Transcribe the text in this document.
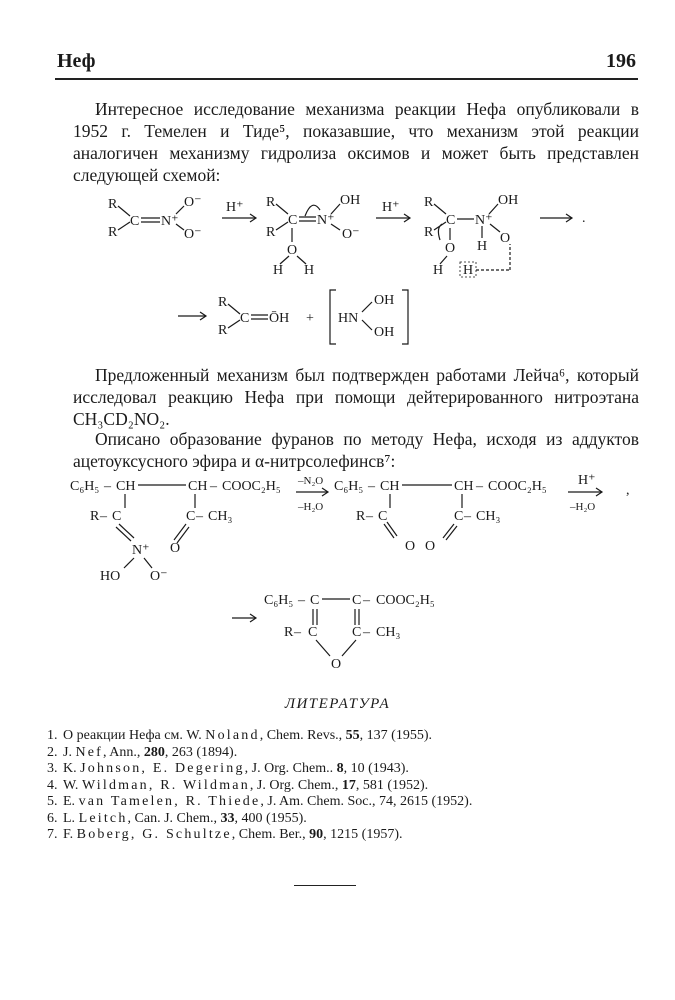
Неф	196
Интересное исследование механизма реакции Нефа опубликовали в 1952 г. Темелен и Тиде⁵, показавшие, что механизм этой реакции аналогичен механизму гидролиза оксимов и может быть представлен следующей схемой:
R
R
C N⁺
O⁻
O⁻
H⁺ R
R
C N⁺
OH
O⁻
O
H H
H⁺ R
R
C N⁺
OH
H
O
O
H H
.
R
R
C ŌH + HN
OH
OH
Предложенный механизм был подтвержден работами Лейча⁶, который исследовал реакцию Нефа при помощи дейтерированного нитроэтана CH₃CD₂NO₂.
Описано образование фуранов по методу Нефа, исходя из аддуктов ацетоуксусного эфира и α-нитрсолефинсв⁷:
C₆H₅ – CH	CH – COOC₂H₅
R – C	C – CH₃
N⁺
HO O⁻
O
–N₂O
–H₂O
C₆H₅ – CH	CH – COOC₂H₅
R – C	C – CH₃
O O
H⁺
–H₂O
,
C₆H₅ – C C – COOC₂H₅
R – C C – CH₃
O
ЛИТЕРАТУРА
1. О реакции Нефа см. W. Noland, Chem. Revs., 55, 137 (1955).
2. J. Nef, Ann., 280, 263 (1894).
3. K. Johnson, E. Degering, J. Org. Chem.. 8, 10 (1943).
4. W. Wildman, R. Wildman, J. Org. Chem., 17, 581 (1952).
5. E. van Tamelen, R. Thiede, J. Am. Chem. Soc., 74, 2615 (1952).
6. L. Leitch, Can. J. Chem., 33, 400 (1955).
7. F. Boberg, G. Schultze, Chem. Ber., 90, 1215 (1957).
